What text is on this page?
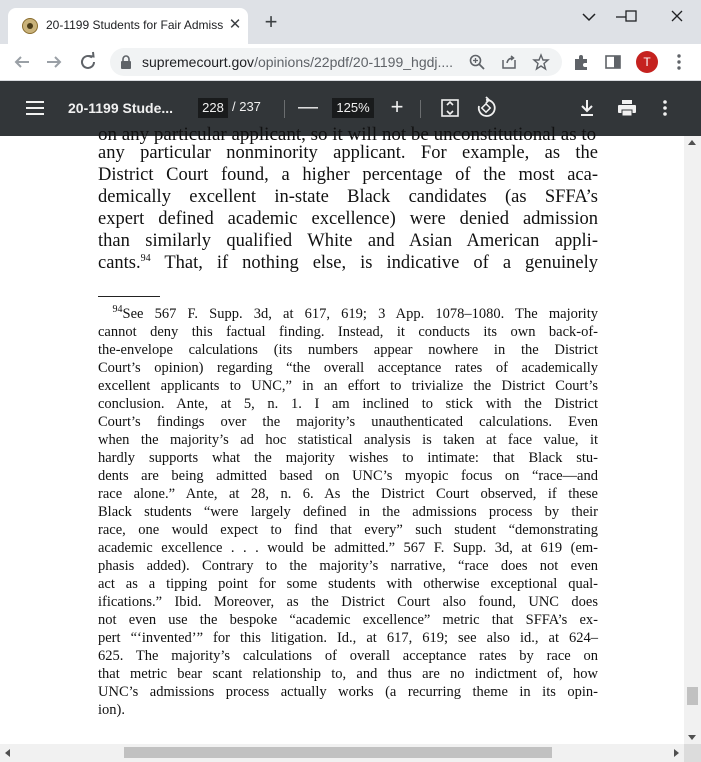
20-1199 Students for Fair Admiss ✕ +
supremecourt.gov/opinions/22pdf/20-1199_hgdj....	T
20-1199 Stude...	228 / 237 —	125% +
on any particular applicant, so it will not be unconstitutional as to
any particular nonminority applicant. For example, as the
District Court found, a higher percentage of the most aca-
demically excellent in-state Black candidates (as SFFA’s
expert defined academic excellence) were denied admission
than similarly qualified White and Asian American appli-
cants.$^{94}$ That, if nothing else, is indicative of a genuinely
 $^{94}$See 567 F. Supp. 3d, at 617, 619; 3 App. 1078–1080. The majority
cannot deny this factual finding. Instead, it conducts its own back-of-
the-envelope calculations (its numbers appear nowhere in the District
Court’s opinion) regarding “the overall acceptance rates of academically
excellent applicants to UNC,” in an effort to trivialize the District Court’s
conclusion. Ante, at 5, n. 1. I am inclined to stick with the District
Court’s findings over the majority’s unauthenticated calculations. Even
when the majority’s ad hoc statistical analysis is taken at face value, it
hardly supports what the majority wishes to intimate: that Black stu-
dents are being admitted based on UNC’s myopic focus on “race—and
race alone.” Ante, at 28, n. 6. As the District Court observed, if these
Black students “were largely defined in the admissions process by their
race, one would expect to find that every” such student “demonstrating
academic excellence . . . would be admitted.” 567 F. Supp. 3d, at 619 (em-
phasis added). Contrary to the majority’s narrative, “race does not even
act as a tipping point for some students with otherwise exceptional qual-
ifications.” Ibid. Moreover, as the District Court also found, UNC does
not even use the bespoke “academic excellence” metric that SFFA’s ex-
pert “‘invented’” for this litigation. Id., at 617, 619; see also id., at 624–
625. The majority’s calculations of overall acceptance rates by race on
that metric bear scant relationship to, and thus are no indictment of, how
UNC’s admissions process actually works (a recurring theme in its opin-
ion).
